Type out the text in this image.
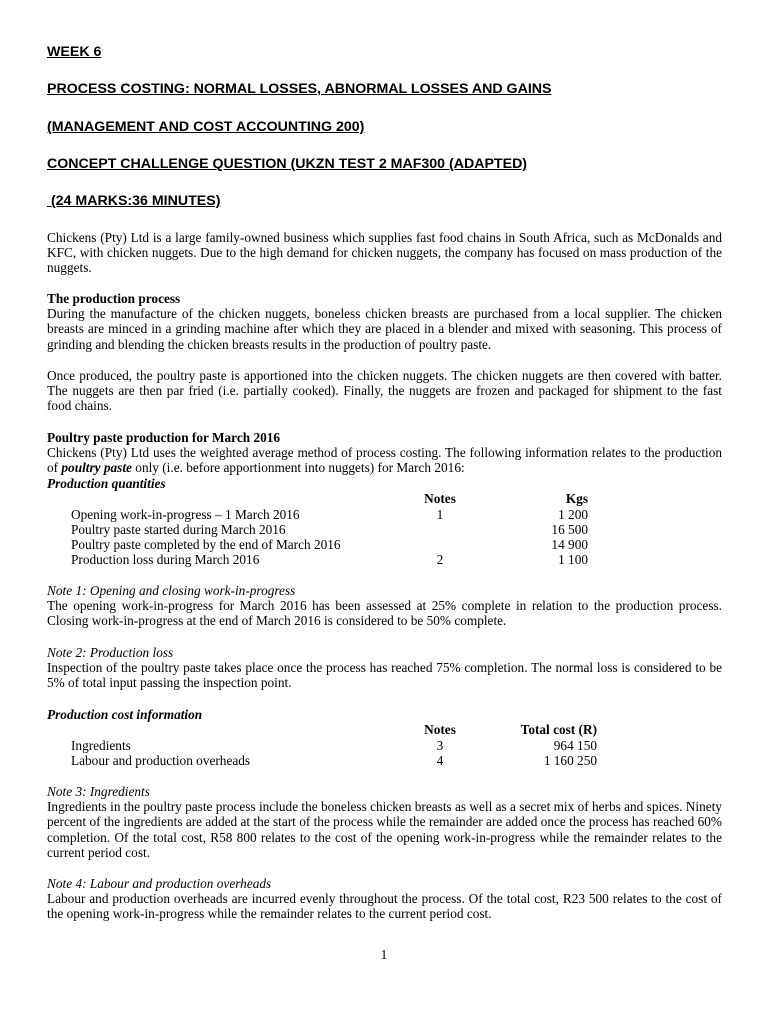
WEEK 6
PROCESS COSTING: NORMAL LOSSES, ABNORMAL LOSSES AND GAINS
(MANAGEMENT AND COST ACCOUNTING 200)
CONCEPT CHALLENGE QUESTION (UKZN TEST 2 MAF300 (ADAPTED)
(24 MARKS:36 MINUTES)

Chickens (Pty) Ltd is a large family-owned business which supplies fast food chains in South Africa, such as McDonalds and KFC, with chicken nuggets. Due to the high demand for chicken nuggets, the company has focused on mass production of the nuggets.

The production process

During the manufacture of the chicken nuggets, boneless chicken breasts are purchased from a local supplier. The chicken breasts are minced in a grinding machine after which they are placed in a blender and mixed with seasoning. This process of grinding and blending the chicken breasts results in the production of poultry paste.

Once produced, the poultry paste is apportioned into the chicken nuggets. The chicken nuggets are then covered with batter. The nuggets are then par fried (i.e. partially cooked). Finally, the nuggets are frozen and packaged for shipment to the fast food chains.

Poultry paste production for March 2016

Chickens (Pty) Ltd uses the weighted average method of process costing. The following information relates to the production of poultry paste only (i.e. before apportionment into nuggets) for March 2016:

Production quantities
Notes	Kgs
Opening work-in-progress – 1 March 2016	1	1 200
Poultry paste started during March 2016	16 500
Poultry paste completed by the end of March 2016	14 900
Production loss during March 2016	2	1 100
Note 1: Opening and closing work-in-progress

The opening work-in-progress for March 2016 has been assessed at 25% complete in relation to the production process. Closing work-in-progress at the end of March 2016 is considered to be 50% complete.

Note 2: Production loss

Inspection of the poultry paste takes place once the process has reached 75% completion. The normal loss is considered to be 5% of total input passing the inspection point.

Production cost information
Notes	Total cost (R)
Ingredients	3	964 150
Labour and production overheads	4	1 160 250
Note 3: Ingredients

Ingredients in the poultry paste process include the boneless chicken breasts as well as a secret mix of herbs and spices. Ninety percent of the ingredients are added at the start of the process while the remainder are added once the process has reached 60% completion. Of the total cost, R58 800 relates to the cost of the opening work-in-progress while the remainder relates to the current period cost.

Note 4: Labour and production overheads

Labour and production overheads are incurred evenly throughout the process. Of the total cost, R23 500 relates to the cost of the opening work-in-progress while the remainder relates to the current period cost.

1
